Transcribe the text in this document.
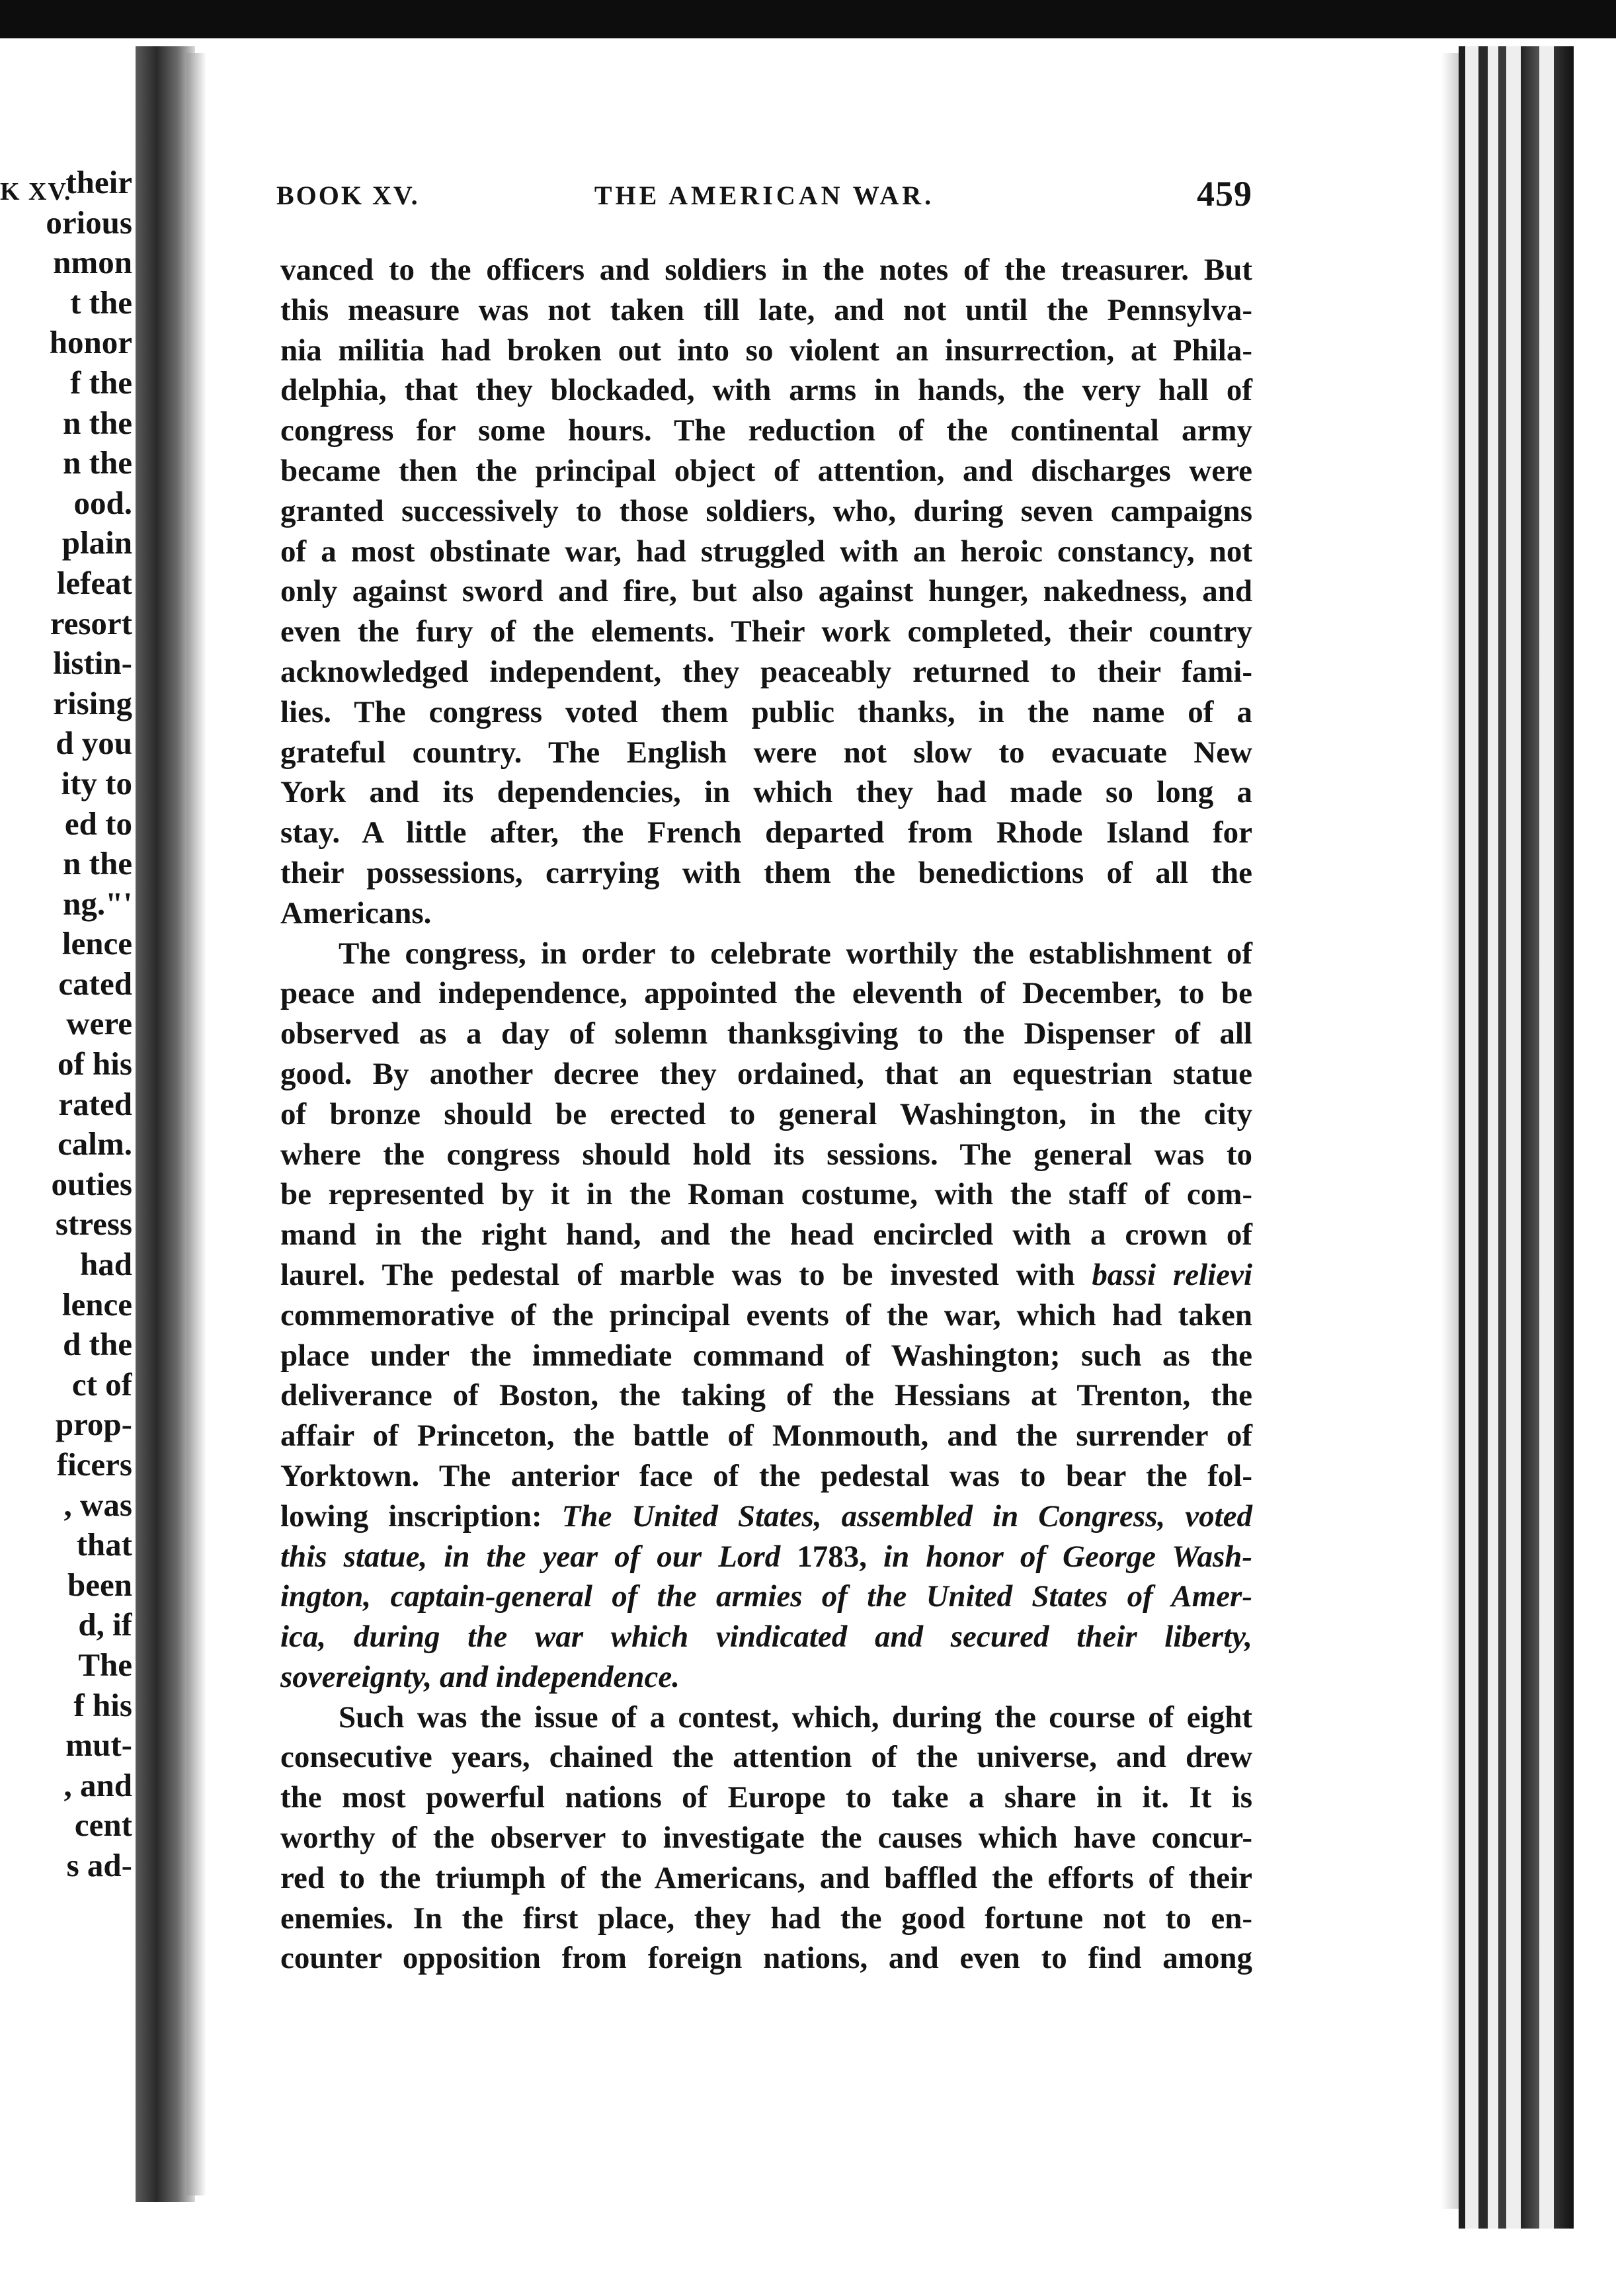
K XV.
their
orious
nmon
t the
honor
f the
n the
n the
ood.
plain
lefeat
resort
listin-
rising
d you
ity to
ed to
n the
ng."'
lence
cated
were
of his
rated
calm.
outies
stress
had
lence
d the
ct of
prop-
ficers
, was
that
been
d, if
The
f his
mut-
, and
cent
s ad-
BOOK XV.	THE AMERICAN WAR.	459
vanced to the officers and soldiers in the notes of the treasurer. But
this measure was not taken till late, and not until the Pennsylva-
nia militia had broken out into so violent an insurrection, at Phila-
delphia, that they blockaded, with arms in hands, the very hall of
congress for some hours. The reduction of the continental army
became then the principal object of attention, and discharges were
granted successively to those soldiers, who, during seven campaigns
of a most obstinate war, had struggled with an heroic constancy, not
only against sword and fire, but also against hunger, nakedness, and
even the fury of the elements. Their work completed, their country
acknowledged independent, they peaceably returned to their fami-
lies. The congress voted them public thanks, in the name of a
grateful country. The English were not slow to evacuate New
York and its dependencies, in which they had made so long a
stay. A little after, the French departed from Rhode Island for
their possessions, carrying with them the benedictions of all the
Americans.
The congress, in order to celebrate worthily the establishment of
peace and independence, appointed the eleventh of December, to be
observed as a day of solemn thanksgiving to the Dispenser of all
good. By another decree they ordained, that an equestrian statue
of bronze should be erected to general Washington, in the city
where the congress should hold its sessions. The general was to
be represented by it in the Roman costume, with the staff of com-
mand in the right hand, and the head encircled with a crown of
laurel. The pedestal of marble was to be invested with bassi relievi
commemorative of the principal events of the war, which had taken
place under the immediate command of Washington; such as the
deliverance of Boston, the taking of the Hessians at Trenton, the
affair of Princeton, the battle of Monmouth, and the surrender of
Yorktown. The anterior face of the pedestal was to bear the fol-
lowing inscription: The United States, assembled in Congress, voted
this statue, in the year of our Lord 1783, in honor of George Wash-
ington, captain-general of the armies of the United States of Amer-
ica, during the war which vindicated and secured their liberty,
sovereignty, and independence.
Such was the issue of a contest, which, during the course of eight
consecutive years, chained the attention of the universe, and drew
the most powerful nations of Europe to take a share in it. It is
worthy of the observer to investigate the causes which have concur-
red to the triumph of the Americans, and baffled the efforts of their
enemies. In the first place, they had the good fortune not to en-
counter opposition from foreign nations, and even to find among
